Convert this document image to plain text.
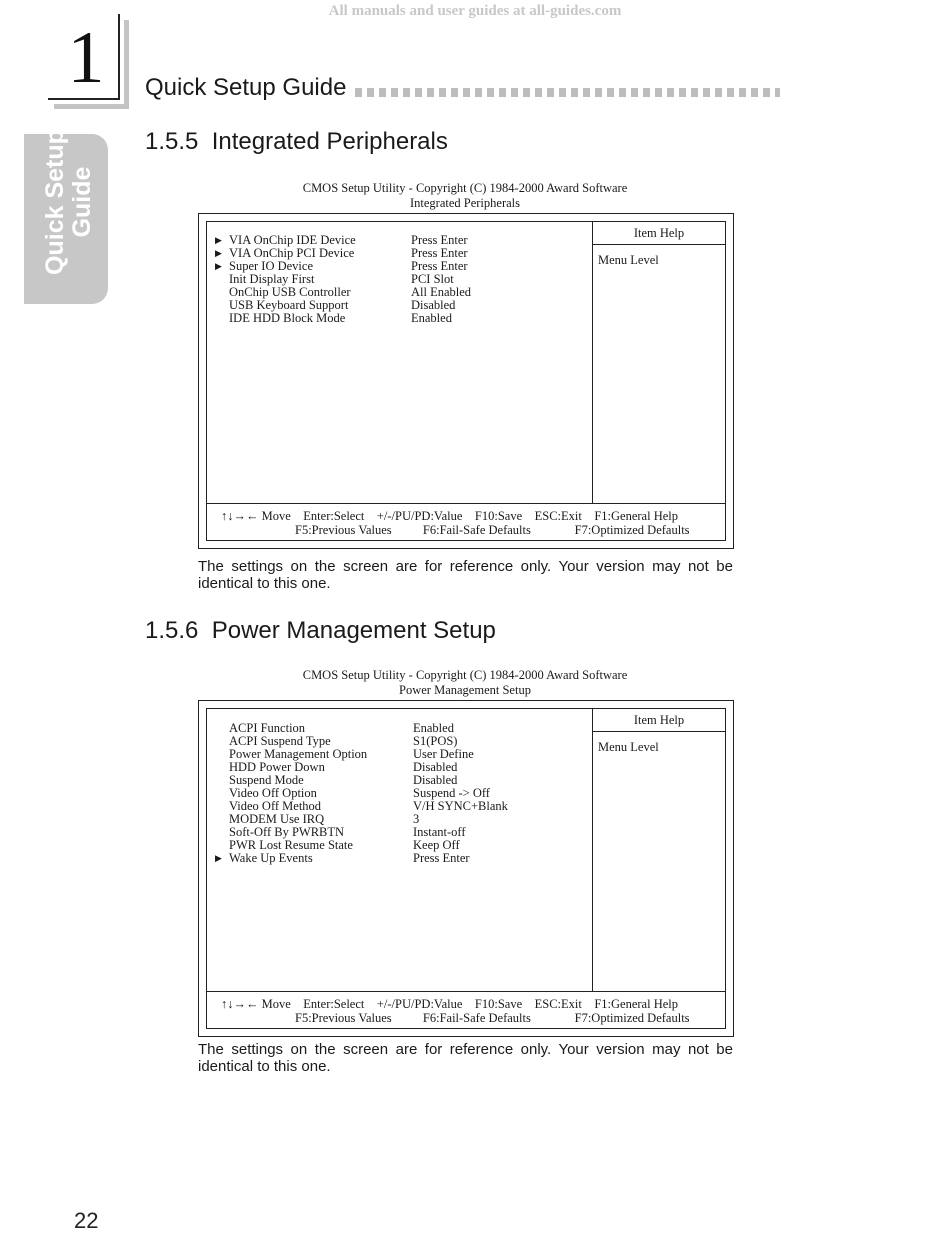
All manuals and user guides at all-guides.com
1
Quick Setup Guide
Quick Setup Guide
1.5.5  Integrated Peripherals
CMOS Setup Utility - Copyright (C) 1984-2000 Award Software
Integrated Peripherals
▶ VIA OnChip IDE Device	Press Enter
▶ VIA OnChip PCI Device	Press Enter
▶ Super IO Device	Press Enter
Init Display First	PCI Slot
OnChip USB Controller	All Enabled
USB Keyboard Support	Disabled
IDE HDD Block Mode	Enabled
Item Help
Menu Level
↑↓→← Move    Enter:Select    +/-/PU/PD:Value    F10:Save    ESC:Exit    F1:General Help
F5:Previous Values          F6:Fail-Safe Defaults              F7:Optimized Defaults
The settings on the screen are for reference only. Your version may not be identical to this one.
1.5.6  Power Management Setup
CMOS Setup Utility - Copyright (C) 1984-2000 Award Software
Power Management Setup
ACPI Function	Enabled
ACPI Suspend Type	S1(POS)
Power Management Option	User Define
HDD Power Down	Disabled
Suspend Mode	Disabled
Video Off Option	Suspend -> Off
Video Off Method	V/H SYNC+Blank
MODEM Use IRQ	3
Soft-Off By PWRBTN	Instant-off
PWR Lost Resume State	Keep Off
▶ Wake Up Events	Press Enter
Item Help
Menu Level
↑↓→← Move    Enter:Select    +/-/PU/PD:Value    F10:Save    ESC:Exit    F1:General Help
F5:Previous Values          F6:Fail-Safe Defaults              F7:Optimized Defaults
The settings on the screen are for reference only. Your version may not be identical to this one.
22
